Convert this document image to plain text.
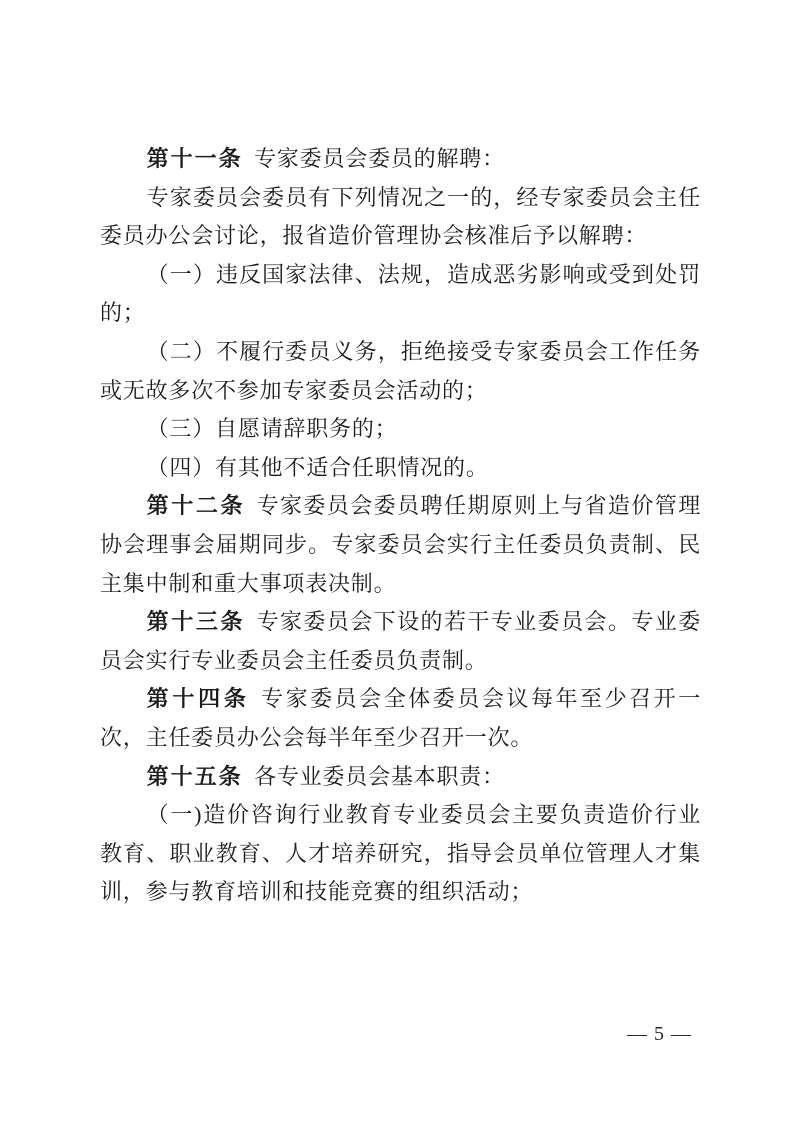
第十一条 专家委员会委员的解聘：

专家委员会委员有下列情况之一的，经专家委员会主任委员办公会讨论，报省造价管理协会核准后予以解聘：

（一）违反国家法律、法规，造成恶劣影响或受到处罚的；

（二）不履行委员义务，拒绝接受专家委员会工作任务或无故多次不参加专家委员会活动的；

（三）自愿请辞职务的；

（四）有其他不适合任职情况的。

第十二条 专家委员会委员聘任期原则上与省造价管理协会理事会届期同步。专家委员会实行主任委员负责制、民主集中制和重大事项表决制。

第十三条 专家委员会下设的若干专业委员会。专业委员会实行专业委员会主任委员负责制。

第十四条 专家委员会全体委员会议每年至少召开一次，主任委员办公会每半年至少召开一次。

第十五条 各专业委员会基本职责：

（一)造价咨询行业教育专业委员会主要负责造价行业教育、职业教育、人才培养研究，指导会员单位管理人才集训，参与教育培训和技能竞赛的组织活动；

— 5 —
